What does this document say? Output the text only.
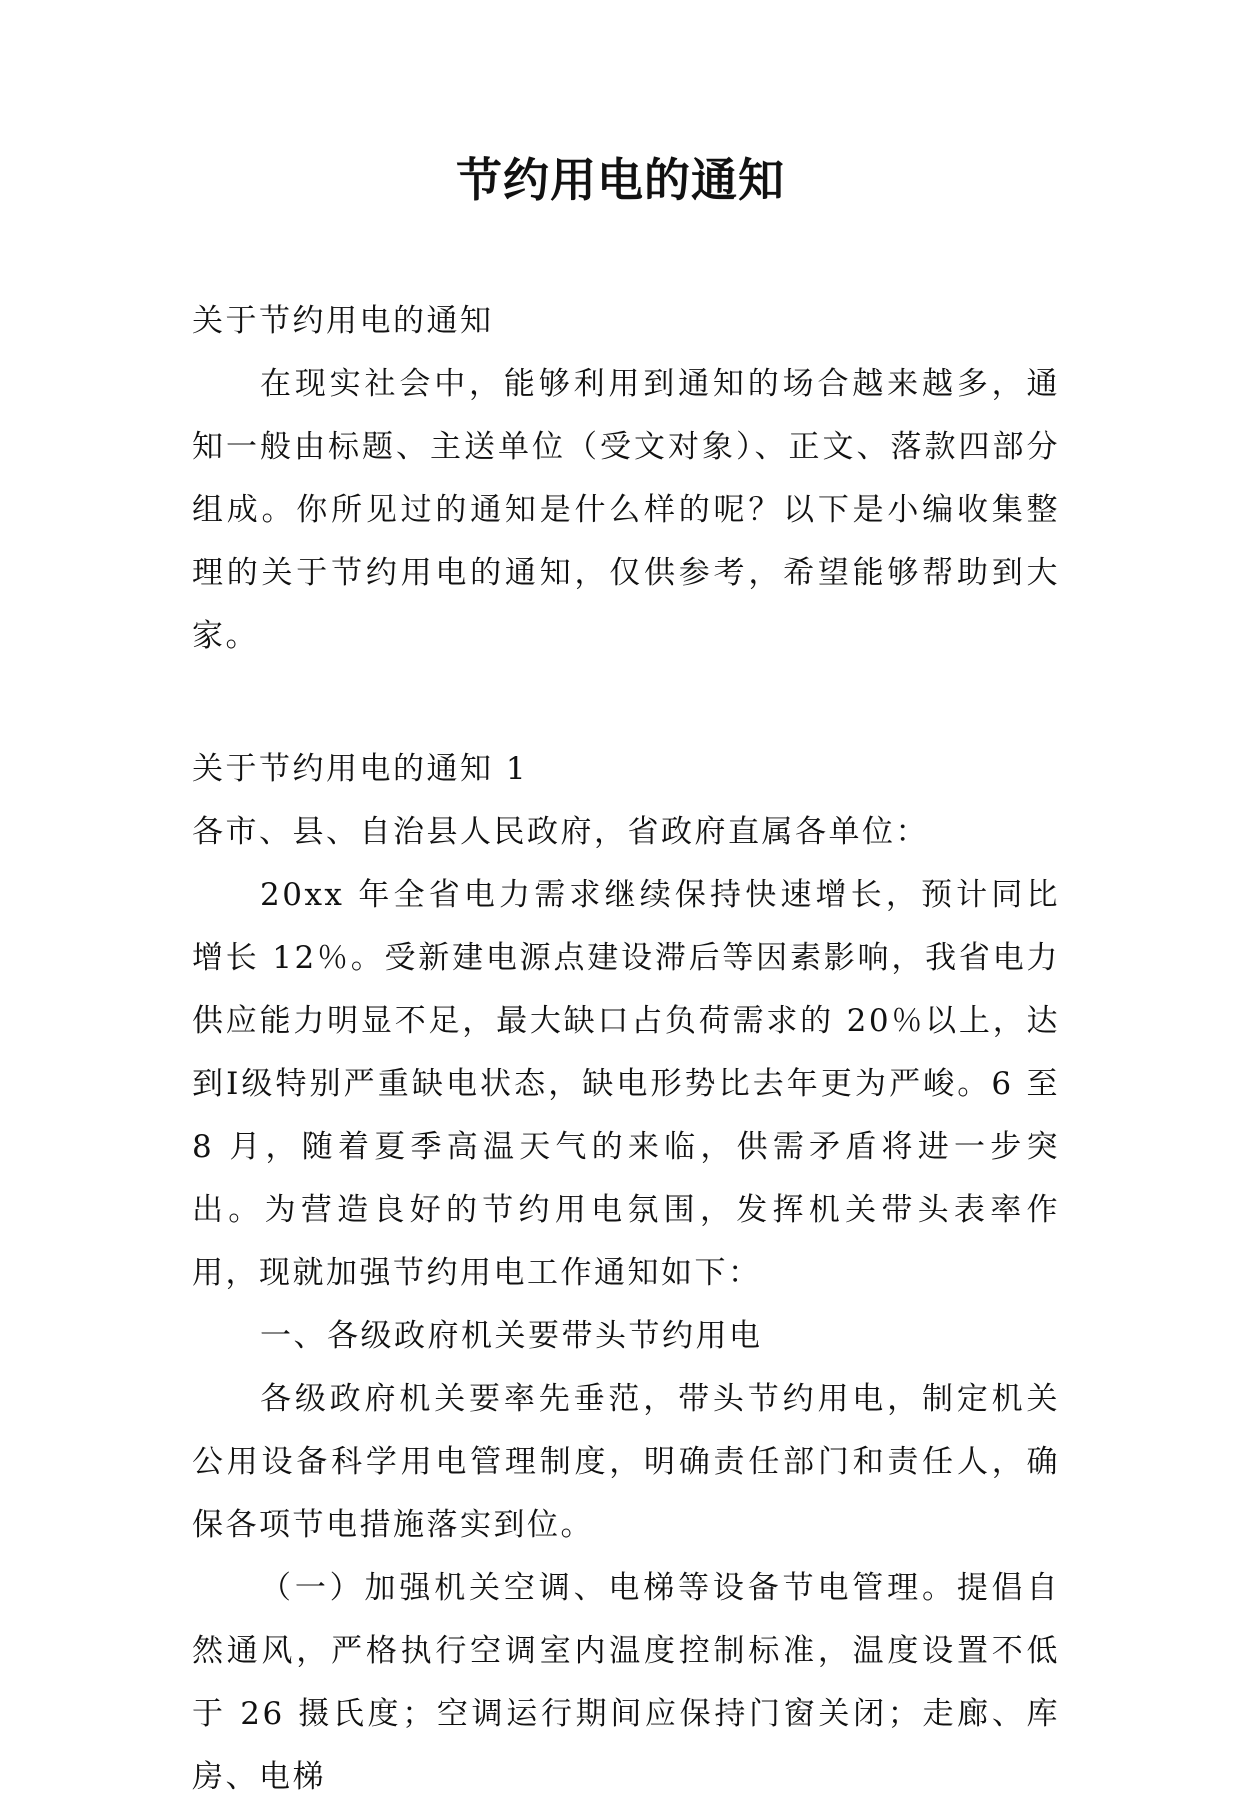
节约用电的通知

关于节约用电的通知

在现实社会中，能够利用到通知的场合越来越多，通知一般由标题、主送单位（受文对象）、正文、落款四部分组成。你所见过的通知是什么样的呢？以下是小编收集整理的关于节约用电的通知，仅供参考，希望能够帮助到大家。

关于节约用电的通知 1

各市、县、自治县人民政府，省政府直属各单位：

20xx 年全省电力需求继续保持快速增长，预计同比增长 12％。受新建电源点建设滞后等因素影响，我省电力供应能力明显不足，最大缺口占负荷需求的 20％以上，达到Ⅰ级特别严重缺电状态，缺电形势比去年更为严峻。6 至 8 月，随着夏季高温天气的来临，供需矛盾将进一步突出。为营造良好的节约用电氛围，发挥机关带头表率作用，现就加强节约用电工作通知如下：

一、各级政府机关要带头节约用电

各级政府机关要率先垂范，带头节约用电，制定机关公用设备科学用电管理制度，明确责任部门和责任人，确保各项节电措施落实到位。

（一）加强机关空调、电梯等设备节电管理。提倡自然通风，严格执行空调室内温度控制标准，温度设置不低于 26 摄氏度；空调运行期间应保持门窗关闭；走廊、库房、电梯
